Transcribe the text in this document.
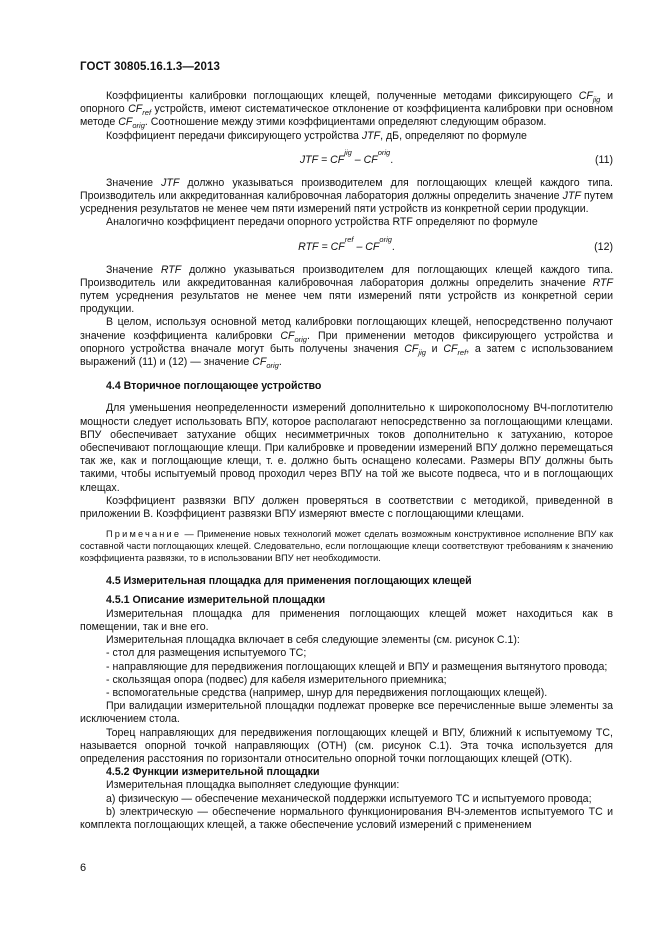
ГОСТ 30805.16.1.3—2013

Коэффициенты калибровки поглощающих клещей, полученные методами фиксирующего $CF_{jig}$ и опорного $CF_{ref}$ устройств, имеют систематическое отклонение от коэффициента калибровки при основном методе $CF_{orig}$. Соотношение между этими коэффициентами определяют следующим образом.

Коэффициент передачи фиксирующего устройства JTF, дБ, определяют по формуле

JTF = CF
jig
– CF
orig
.	(11)

Значение JTF должно указываться производителем для поглощающих клещей каждого типа. Производитель или аккредитованная калибровочная лаборатория должны определить значение JTF путем усреднения результатов не менее чем пяти измерений пяти устройств из конкретной серии продукции.

Аналогично коэффициент передачи опорного устройства RTF определяют по формуле

RTF = CF
ref
– CF
orig
.	(12)

Значение RTF должно указываться производителем для поглощающих клещей каждого типа. Производитель или аккредитованная калибровочная лаборатория должны определить значение RTF путем усреднения результатов не менее чем пяти измерений пяти устройств из конкретной серии продукции.

В целом, используя основной метод калибровки поглощающих клещей, непосредственно получают значение коэффициента калибровки $CF_{orig}$. При применении методов фиксирующего устройства и опорного устройства вначале могут быть получены значения $CF_{jig}$ и $CF_{ref}$, а затем с использованием выражений (11) и (12) — значение $CF_{orig}$.

4.4 Вторичное поглощающее устройство

Для уменьшения неопределенности измерений дополнительно к широкополосному ВЧ-поглотителю мощности следует использовать ВПУ, которое располагают непосредственно за поглощающими клещами. ВПУ обеспечивает затухание общих несимметричных токов дополнительно к затуханию, которое обеспечивают поглощающие клещи. При калибровке и проведении измерений ВПУ должно перемещаться так же, как и поглощающие клещи, т. е. должно быть оснащено колесами. Размеры ВПУ должны быть такими, чтобы испытуемый провод проходил через ВПУ на той же высоте подвеса, что и в поглощающих клещах.

Коэффициент развязки ВПУ должен проверяться в соответствии с методикой, приведенной в приложении В. Коэффициент развязки ВПУ измеряют вместе с поглощающими клещами.

Примечание — Применение новых технологий может сделать возможным конструктивное исполнение ВПУ как составной части поглощающих клещей. Следовательно, если поглощающие клещи соответствуют требованиям к значению коэффициента развязки, то в использовании ВПУ нет необходимости.

4.5 Измерительная площадка для применения поглощающих клещей

4.5.1 Описание измерительной площадки

Измерительная площадка для применения поглощающих клещей может находиться как в помещении, так и вне его.

Измерительная площадка включает в себя следующие элементы (см. рисунок С.1):

- стол для размещения испытуемого ТС;

- направляющие для передвижения поглощающих клещей и ВПУ и размещения вытянутого провода;

- скользящая опора (подвес) для кабеля измерительного приемника;

- вспомогательные средства (например, шнур для передвижения поглощающих клещей).

При валидации измерительной площадки подлежат проверке все перечисленные выше элементы за исключением стола.

Торец направляющих для передвижения поглощающих клещей и ВПУ, ближний к испытуемому ТС, называется опорной точкой направляющих (ОТН) (см. рисунок С.1). Эта точка используется для определения расстояния по горизонтали относительно опорной точки поглощающих клещей (ОТК).

4.5.2 Функции измерительной площадки

Измерительная площадка выполняет следующие функции:

а) физическую — обеспечение механической поддержки испытуемого ТС и испытуемого провода;

b) электрическую — обеспечение нормального функционирования ВЧ-элементов испытуемого ТС и комплекта поглощающих клещей, а также обеспечение условий измерений с применением

6
